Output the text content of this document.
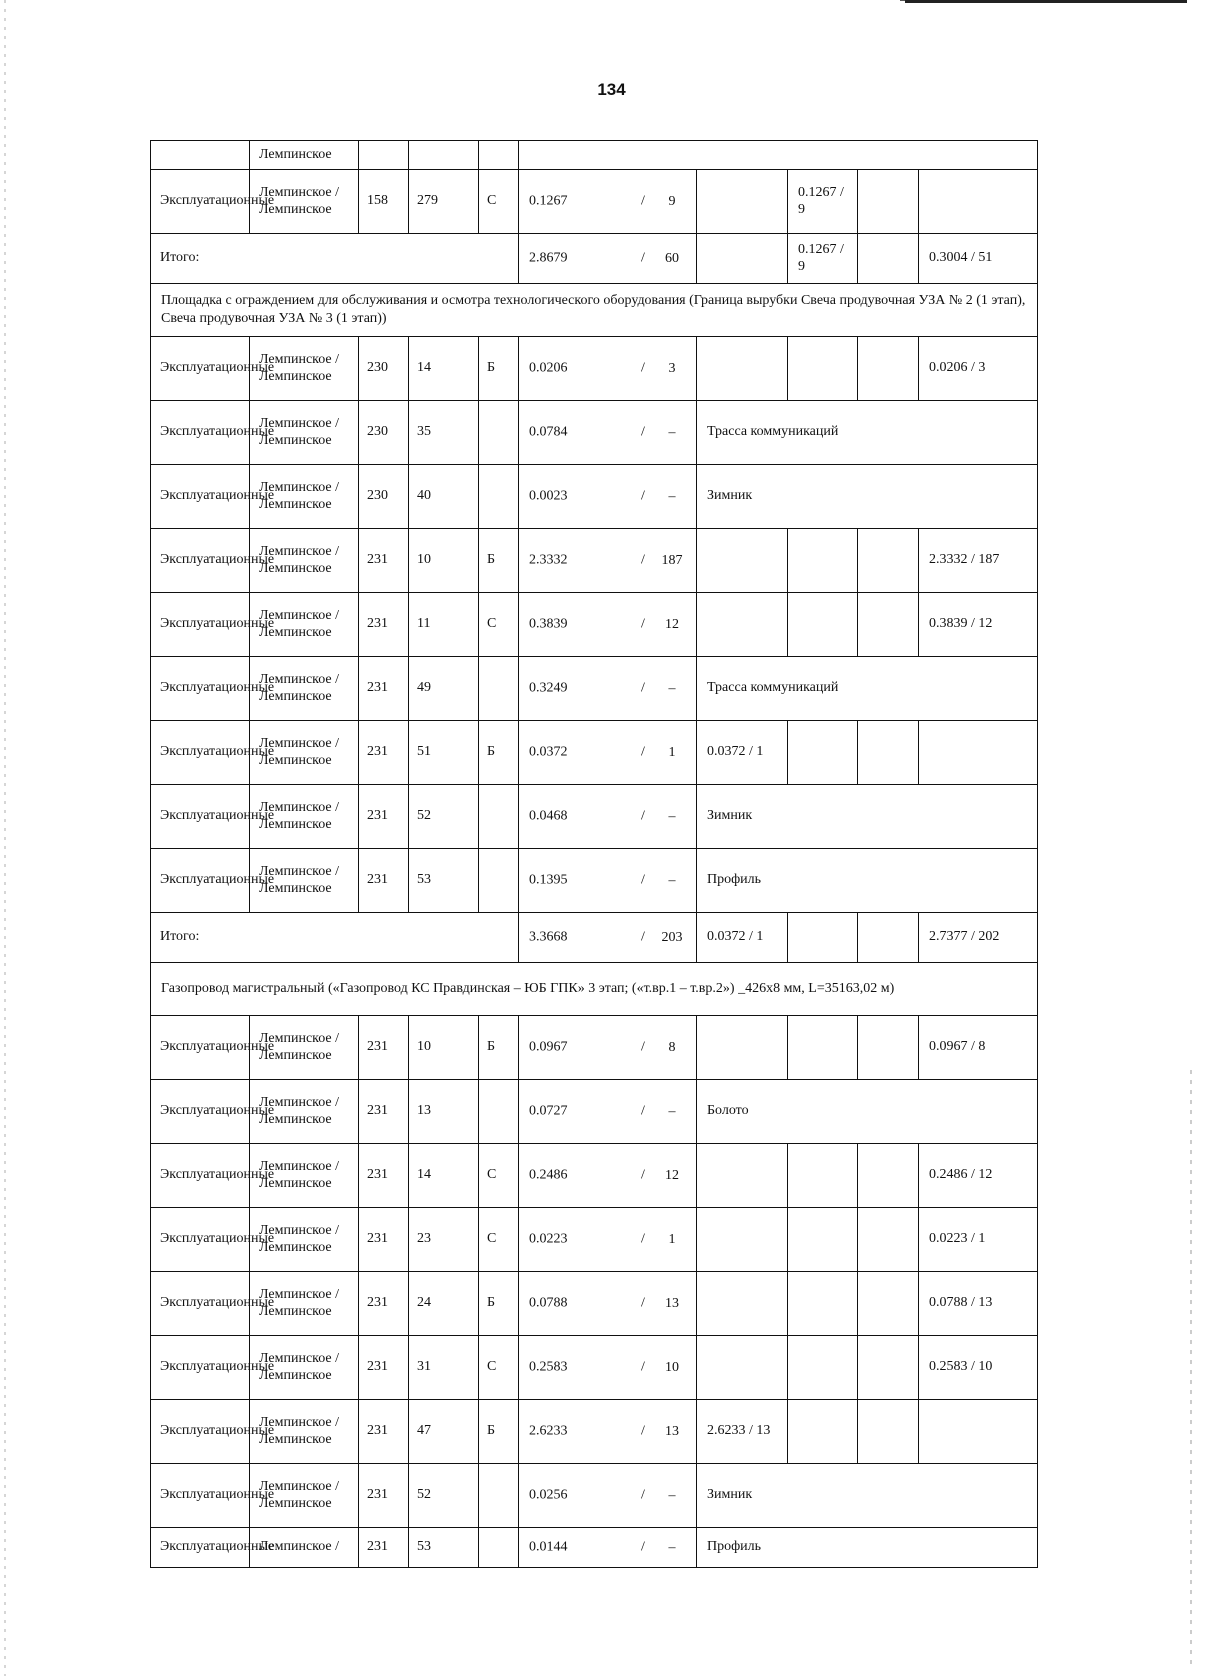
134
	Лемпинское								
Эксплуатационные	Лемпинское / Лемпинское	158	279	С	0.1267 / 9		0.1267 / 9		
Итого:					2.8679 / 60		0.1267 / 9		0.3004 / 51
Площадка с ограждением для обслуживания и осмотра технологического оборудования (Граница вырубки Свеча продувочная УЗА № 2 (1 этап), Свеча продувочная УЗА № 3 (1 этап))									
Эксплуатационные	Лемпинское / Лемпинское	230	14	Б	0.0206 / 3				0.0206 / 3
Эксплуатационные	Лемпинское / Лемпинское	230	35		0.0784 / –	Трасса коммуникаций			
Эксплуатационные	Лемпинское / Лемпинское	230	40		0.0023 / –	Зимник			
Эксплуатационные	Лемпинское / Лемпинское	231	10	Б	2.3332 / 187				2.3332 / 187
Эксплуатационные	Лемпинское / Лемпинское	231	11	С	0.3839 / 12				0.3839 / 12
Эксплуатационные	Лемпинское / Лемпинское	231	49		0.3249 / –	Трасса коммуникаций			
Эксплуатационные	Лемпинское / Лемпинское	231	51	Б	0.0372 / 1	0.0372 / 1			
Эксплуатационные	Лемпинское / Лемпинское	231	52		0.0468 / –	Зимник			
Эксплуатационные	Лемпинское / Лемпинское	231	53		0.1395 / –	Профиль			
Итого:					3.3668 / 203	0.0372 / 1			2.7377 / 202
Газопровод магистральный («Газопровод КС Правдинская – ЮБ ГПК» 3 этап; («т.вр.1 – т.вр.2») _426х8 мм, L=35163,02 м)									
Эксплуатационные	Лемпинское / Лемпинское	231	10	Б	0.0967 / 8				0.0967 / 8
Эксплуатационные	Лемпинское / Лемпинское	231	13		0.0727 / –	Болото			
Эксплуатационные	Лемпинское / Лемпинское	231	14	С	0.2486 / 12				0.2486 / 12
Эксплуатационные	Лемпинское / Лемпинское	231	23	С	0.0223 / 1				0.0223 / 1
Эксплуатационные	Лемпинское / Лемпинское	231	24	Б	0.0788 / 13				0.0788 / 13
Эксплуатационные	Лемпинское / Лемпинское	231	31	С	0.2583 / 10				0.2583 / 10
Эксплуатационные	Лемпинское / Лемпинское	231	47	Б	2.6233 / 13	2.6233 / 13			
Эксплуатационные	Лемпинское / Лемпинское	231	52		0.0256 / –	Зимник			
Эксплуатационные	Лемпинское /	231	53		0.0144 / –	Профиль			
